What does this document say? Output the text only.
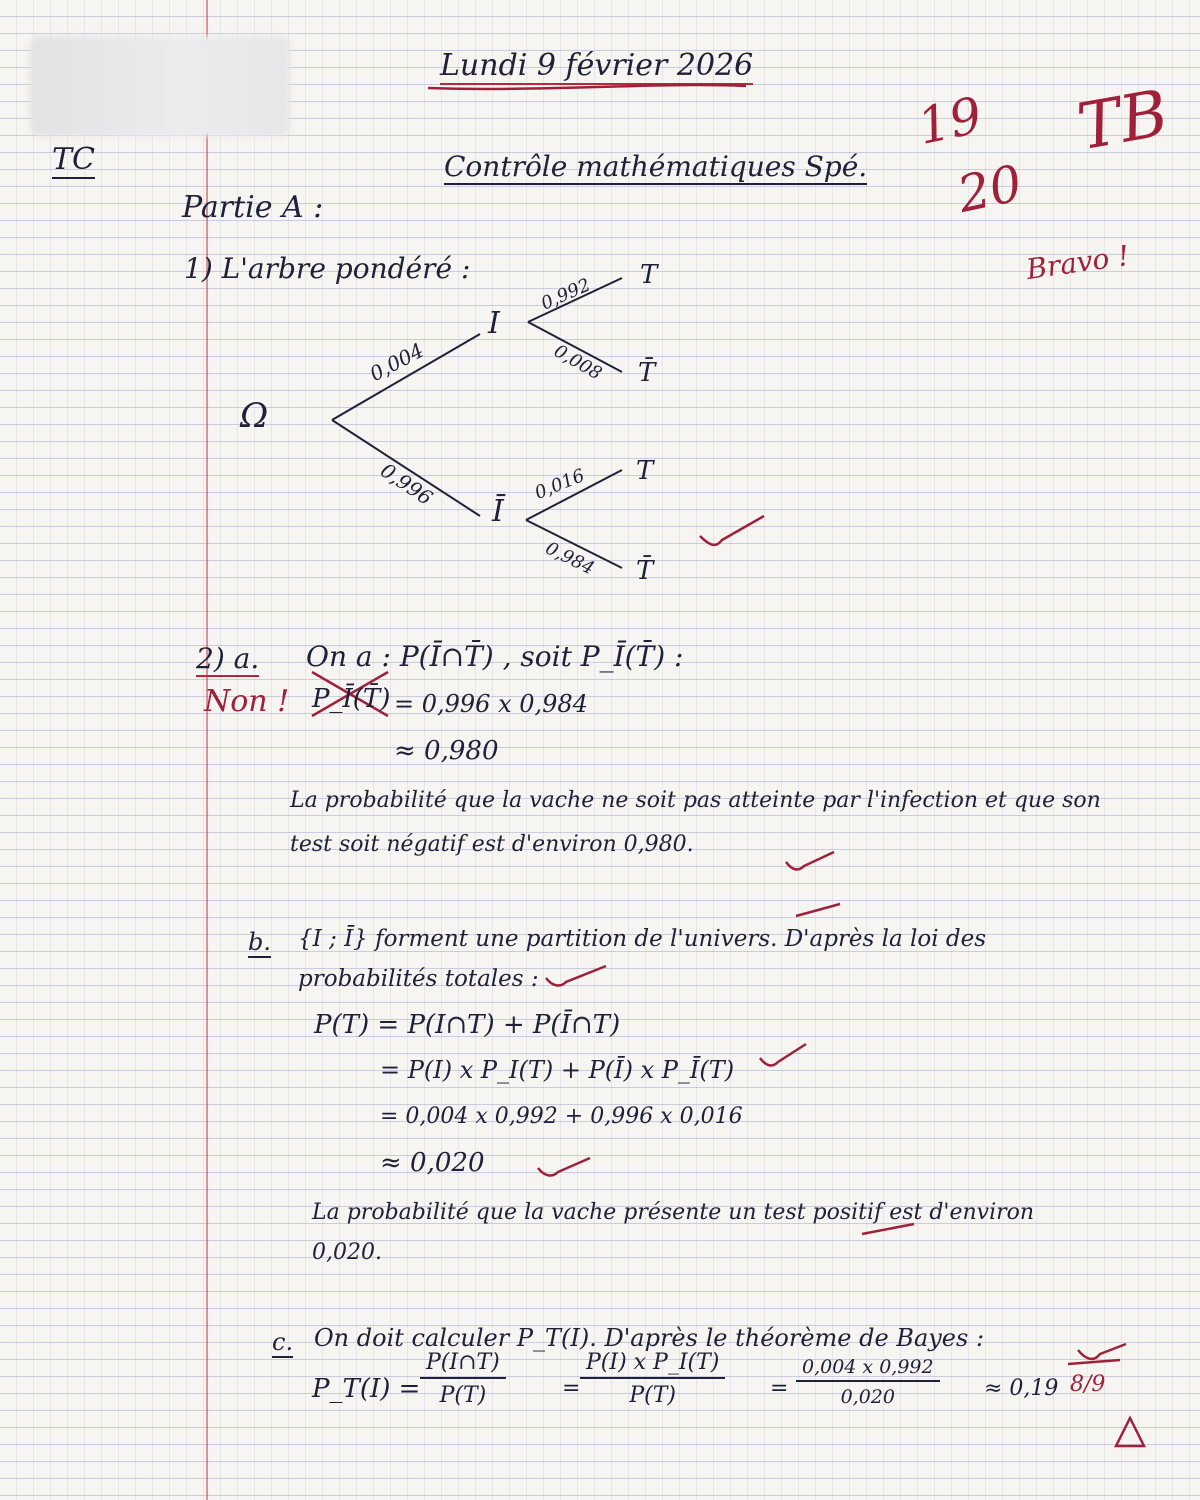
Lundi 9 février 2026
TC	Contrôle mathématiques Spé.
19
20
TB
Bravo !
Partie A :
1) L'arbre pondéré :
Ω
I
Ī
0,004
0,996
T
T̄
T
T̄
0,992
0,008
0,016
0,984
2) a. On a : P(Ī∩T̄) , soit P_Ī(T̄) :
Non ! P_Ī(T̄) = 0,996 x 0,984
≈ 0,980
La probabilité que la vache ne soit pas atteinte par l'infection et que son
test soit négatif est d'environ 0,980.
b. {I ; Ī} forment une partition de l'univers. D'après la loi des
probabilités totales :
P(T) = P(I∩T) + P(Ī∩T)
= P(I) x P_I(T) + P(Ī) x P_Ī(T)
= 0,004 x 0,992 + 0,996 x 0,016
≈ 0,020
La probabilité que la vache présente un test positif est d'environ
0,020.
c. On doit calculer P_T(I). D'après le théorème de Bayes :
P_T(I) = $\frac{P(I\cap T)}{P(T)}$	= $\frac{\text{P(I) x P\_I(T)}}{P(T)} = \frac{0,004 x 0,992}{0,020} \approx 0,19$ 8/9
